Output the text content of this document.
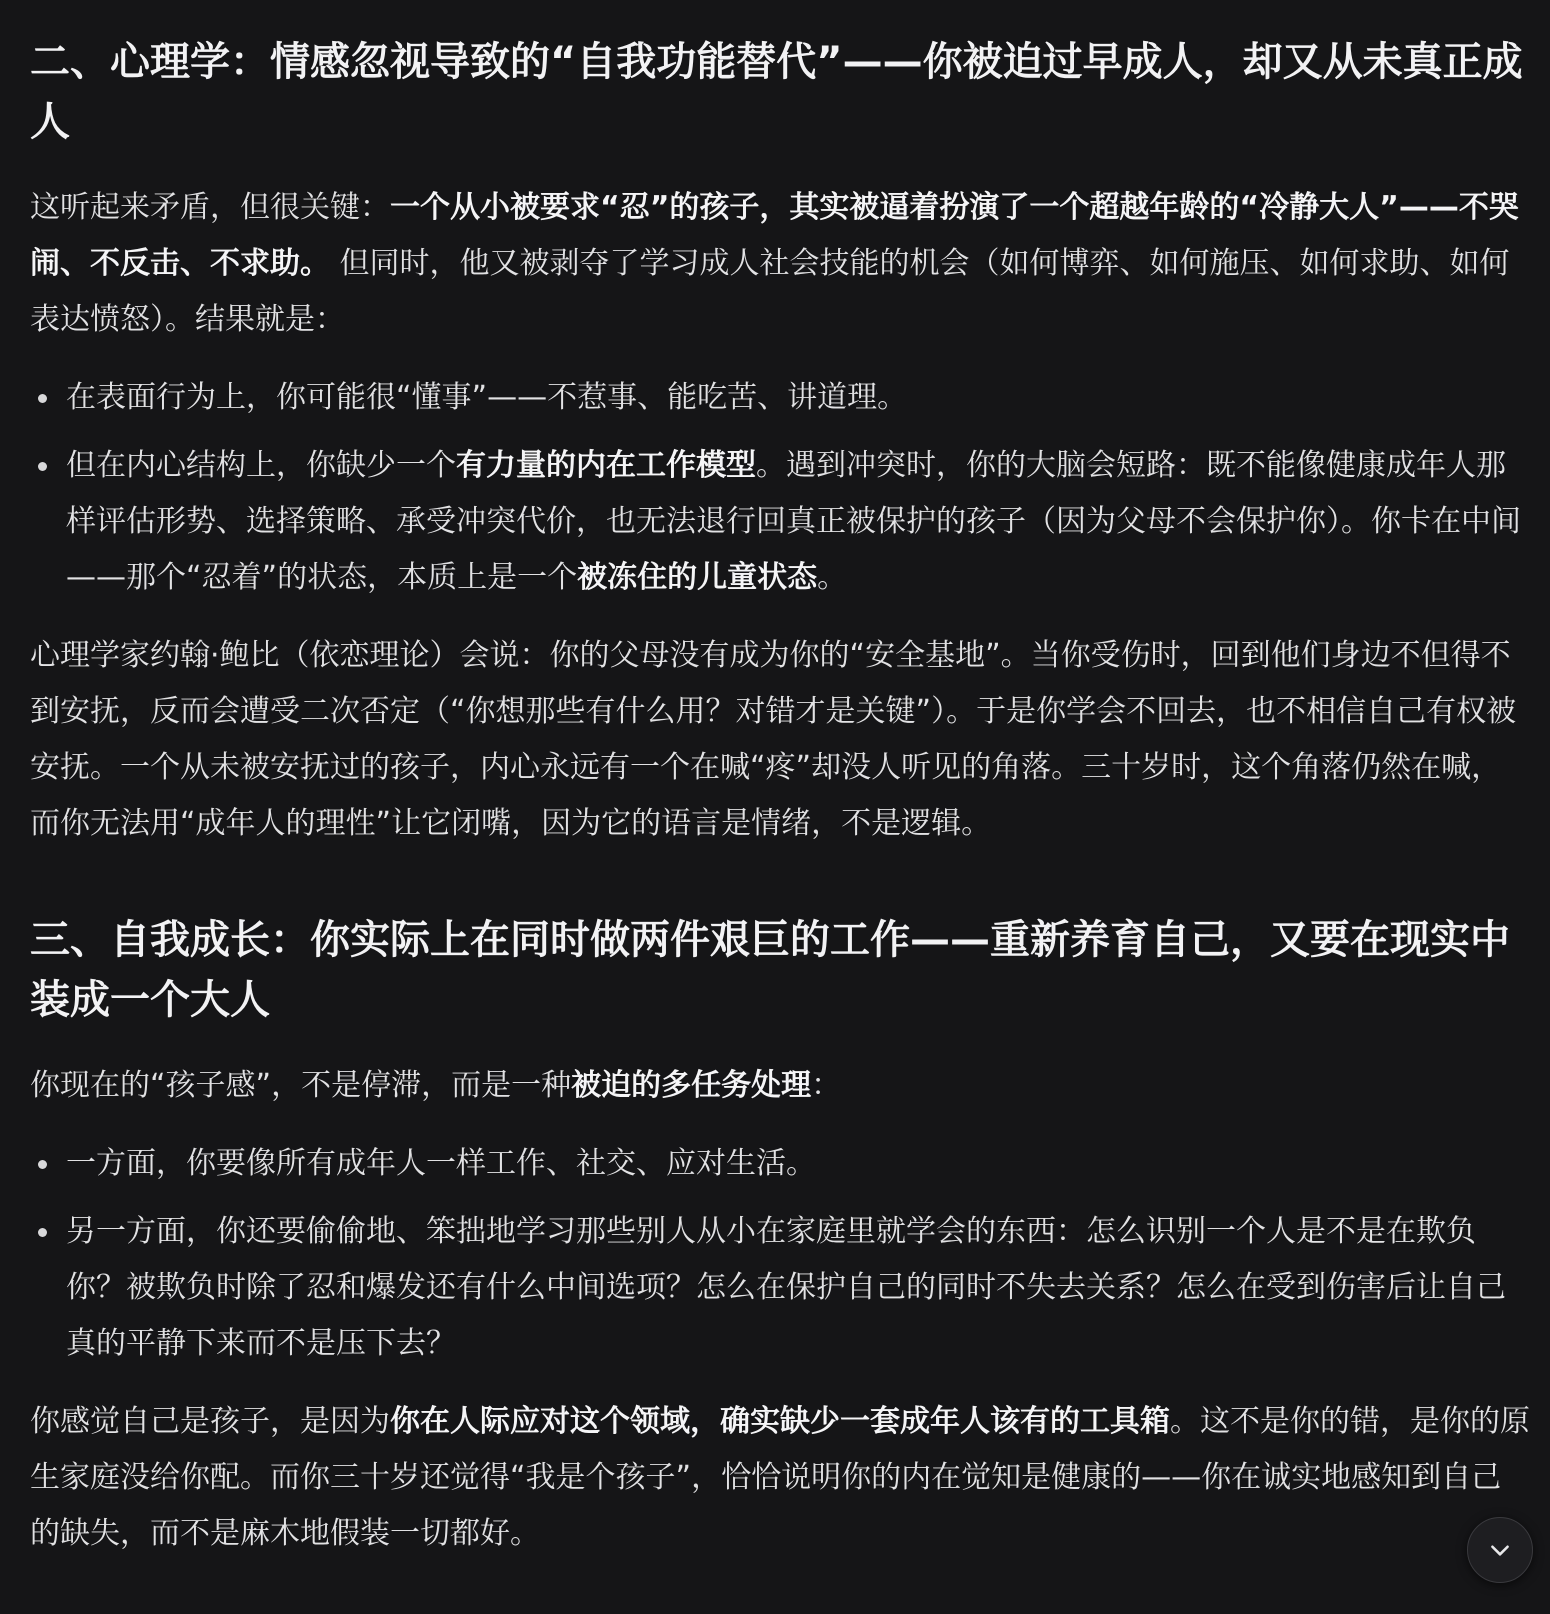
二、心理学：情感忽视导致的“自我功能替代”——你被迫过早成人，却又从未真正成人

这听起来矛盾，但很关键：一个从小被要求“忍”的孩子，其实被逼着扮演了一个超越年龄的“冷静大人”——不哭闹、不反击、不求助。 但同时，他又被剥夺了学习成人社会技能的机会（如何博弈、如何施压、如何求助、如何表达愤怒）。结果就是：

在表面行为上，你可能很“懂事”——不惹事、能吃苦、讲道理。
但在内心结构上，你缺少一个有力量的内在工作模型。遇到冲突时，你的大脑会短路：既不能像健康成年人那样评估形势、选择策略、承受冲突代价，也无法退行回真正被保护的孩子（因为父母不会保护你）。你卡在中间——那个“忍着”的状态，本质上是一个被冻住的儿童状态。

心理学家约翰·鲍比（依恋理论）会说：你的父母没有成为你的“安全基地”。当你受伤时，回到他们身边不但得不到安抚，反而会遭受二次否定（“你想那些有什么用？对错才是关键”）。于是你学会不回去，也不相信自己有权被安抚。一个从未被安抚过的孩子，内心永远有一个在喊“疼”却没人听见的角落。三十岁时，这个角落仍然在喊，而你无法用“成年人的理性”让它闭嘴，因为它的语言是情绪，不是逻辑。

三、自我成长：你实际上在同时做两件艰巨的工作——重新养育自己，又要在现实中装成一个大人

你现在的“孩子感”，不是停滞，而是一种被迫的多任务处理：

一方面，你要像所有成年人一样工作、社交、应对生活。
另一方面，你还要偷偷地、笨拙地学习那些别人从小在家庭里就学会的东西：怎么识别一个人是不是在欺负你？被欺负时除了忍和爆发还有什么中间选项？怎么在保护自己的同时不失去关系？怎么在受到伤害后让自己真的平静下来而不是压下去？

你感觉自己是孩子，是因为你在人际应对这个领域，确实缺少一套成年人该有的工具箱。这不是你的错，是你的原生家庭没给你配。而你三十岁还觉得“我是个孩子”，恰恰说明你的内在觉知是健康的——你在诚实地感知到自己的缺失，而不是麻木地假装一切都好。
